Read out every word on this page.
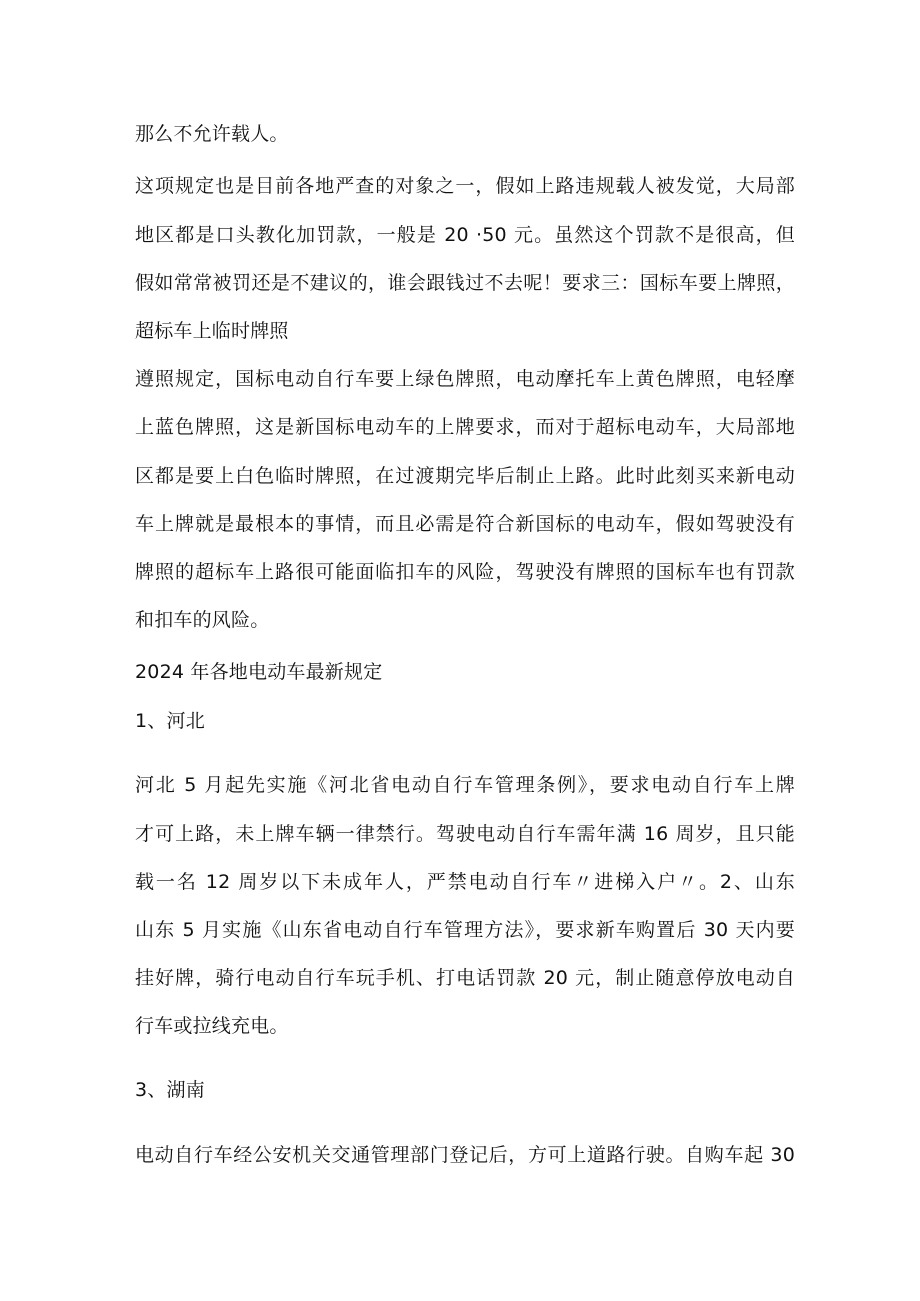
那么不允许载人。
这项规定也是目前各地严查的对象之一，假如上路违规载人被发觉，大局部
地区都是口头教化加罚款，一般是 20 ·50 元。虽然这个罚款不是很高，但
假如常常被罚还是不建议的，谁会跟钱过不去呢！要求三：国标车要上牌照，
超标车上临时牌照
遵照规定，国标电动自行车要上绿色牌照，电动摩托车上黄色牌照，电轻摩
上蓝色牌照，这是新国标电动车的上牌要求，而对于超标电动车，大局部地
区都是要上白色临时牌照，在过渡期完毕后制止上路。此时此刻买来新电动
车上牌就是最根本的事情，而且必需是符合新国标的电动车，假如驾驶没有
牌照的超标车上路很可能面临扣车的风险，驾驶没有牌照的国标车也有罚款
和扣车的风险。
2024 年各地电动车最新规定
1、河北
河北 5 月起先实施《河北省电动自行车管理条例》，要求电动自行车上牌
才可上路，未上牌车辆一律禁行。驾驶电动自行车需年满 16 周岁，且只能
载一名 12 周岁以下未成年人，严禁电动自行车〃进梯入户〃。2、山东
山东 5 月实施《山东省电动自行车管理方法》，要求新车购置后 30 天内要
挂好牌，骑行电动自行车玩手机、打电话罚款 20 元，制止随意停放电动自
行车或拉线充电。
3、湖南
电动自行车经公安机关交通管理部门登记后，方可上道路行驶。自购车起 30
